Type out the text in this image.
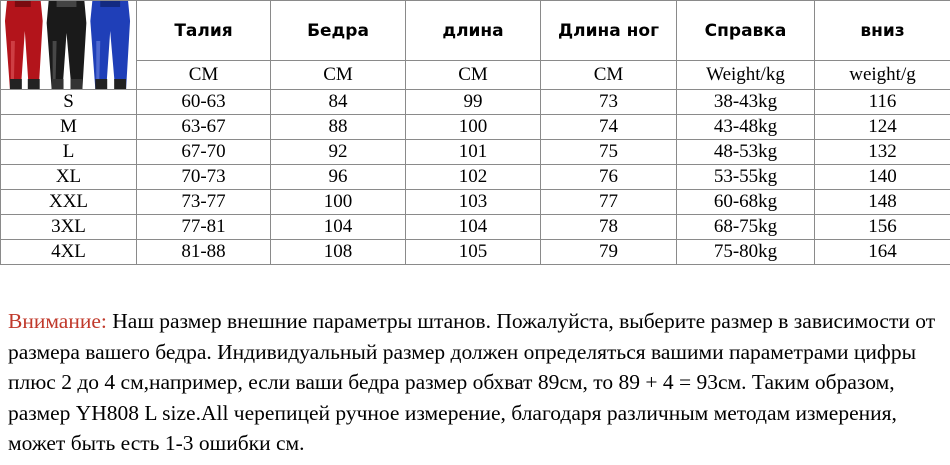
	Талия	Бедра	длина	Длина ног	Справка	вниз
	CM	CM	CM	CM	Weight/kg	weight/g
S	60-63	84	99	73	38-43kg	116
M	63-67	88	100	74	43-48kg	124
L	67-70	92	101	75	48-53kg	132
XL	70-73	96	102	76	53-55kg	140
XXL	73-77	100	103	77	60-68kg	148
3XL	77-81	104	104	78	68-75kg	156
4XL	81-88	108	105	79	75-80kg	164

Внимание: Наш размер внешние параметры штанов. Пожалуйста, выберите размер в зависимости от размера вашего бедра. Индивидуальный размер должен определяться вашими параметрами цифры плюс 2 до 4 см,например, если ваши бедра размер обхват 89см, то 89 + 4 = 93см. Таким образом, размер YH808 L size.All черепицей ручное измерение, благодаря различным методам измерения, может быть есть 1-3 ошибки см.
